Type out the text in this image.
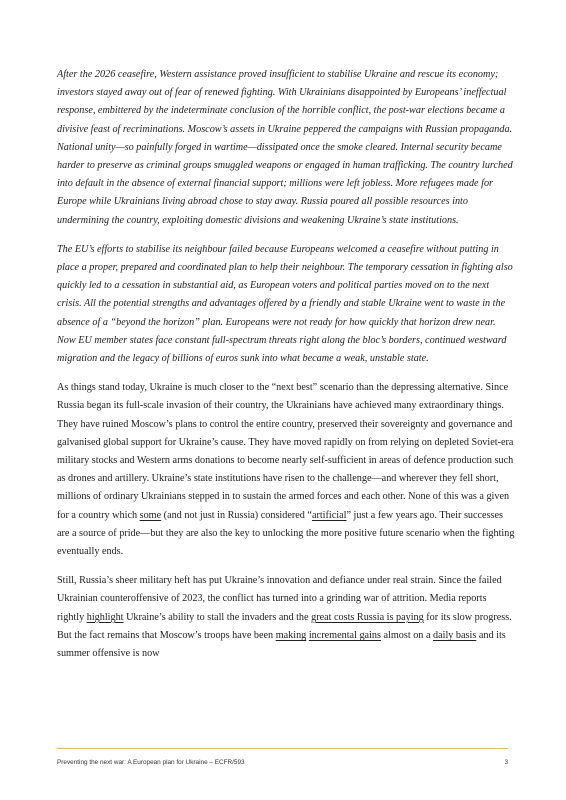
After the 2026 ceasefire, Western assistance proved insufficient to stabilise Ukraine and rescue its economy; investors stayed away out of fear of renewed fighting. With Ukrainians disappointed by Europeans’ ineffectual response, embittered by the indeterminate conclusion of the horrible conflict, the post-war elections became a divisive feast of recriminations. Moscow’s assets in Ukraine peppered the campaigns with Russian propaganda. National unity—so painfully forged in wartime—dissipated once the smoke cleared. Internal security became harder to preserve as criminal groups smuggled weapons or engaged in human trafficking. The country lurched into default in the absence of external financial support; millions were left jobless. More refugees made for Europe while Ukrainians living abroad chose to stay away. Russia poured all possible resources into undermining the country, exploiting domestic divisions and weakening Ukraine’s state institutions.

The EU’s efforts to stabilise its neighbour failed because Europeans welcomed a ceasefire without putting in place a proper, prepared and coordinated plan to help their neighbour. The temporary cessation in fighting also quickly led to a cessation in substantial aid, as European voters and political parties moved on to the next crisis. All the potential strengths and advantages offered by a friendly and stable Ukraine went to waste in the absence of a “beyond the horizon” plan. Europeans were not ready for how quickly that horizon drew near. Now EU member states face constant full-spectrum threats right along the bloc’s borders, continued westward migration and the legacy of billions of euros sunk into what became a weak, unstable state.

As things stand today, Ukraine is much closer to the “next best” scenario than the depressing alternative. Since Russia began its full-scale invasion of their country, the Ukrainians have achieved many extraordinary things. They have ruined Moscow’s plans to control the entire country, preserved their sovereignty and governance and galvanised global support for Ukraine’s cause. They have moved rapidly on from relying on depleted Soviet-era military stocks and Western arms donations to become nearly self-sufficient in areas of defence production such as drones and artillery. Ukraine’s state institutions have risen to the challenge—and wherever they fell short, millions of ordinary Ukrainians stepped in to sustain the armed forces and each other. None of this was a given for a country which some (and not just in Russia) considered “artificial” just a few years ago. Their successes are a source of pride—but they are also the key to unlocking the more positive future scenario when the fighting eventually ends.

Still, Russia’s sheer military heft has put Ukraine’s innovation and defiance under real strain. Since the failed Ukrainian counteroffensive of 2023, the conflict has turned into a grinding war of attrition. Media reports rightly highlight Ukraine’s ability to stall the invaders and the great costs Russia is paying for its slow progress. But the fact remains that Moscow’s troops have been making incremental gains almost on a daily basis and its summer offensive is now

Preventing the next war: A European plan for Ukraine – ECFR/593	3
